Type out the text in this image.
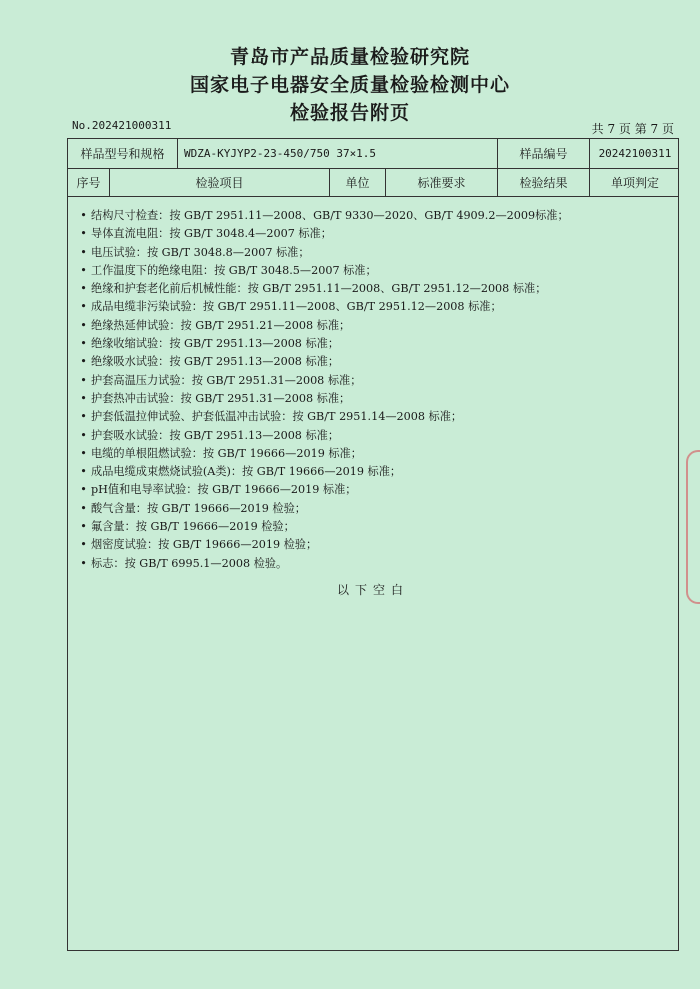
青岛市产品质量检验研究院
国家电子电器安全质量检验检测中心
检验报告附页
No.202421000311	共 7 页 第 7 页
样品型号和规格	WDZA-KYJYP2-23-450/750 37×1.5	样品编号	20242100311
序号	检验项目	单位	标准要求	检验结果	单项判定
• 结构尺寸检查：按 GB/T 2951.11—2008、GB/T 9330—2020、GB/T 4909.2—2009标准；
• 导体直流电阻：按 GB/T 3048.4—2007 标准；
• 电压试验：按 GB/T 3048.8—2007 标准；
• 工作温度下的绝缘电阻：按 GB/T 3048.5—2007 标准；
• 绝缘和护套老化前后机械性能：按 GB/T 2951.11—2008、GB/T 2951.12—2008 标准；
• 成品电缆非污染试验：按 GB/T 2951.11—2008、GB/T 2951.12—2008 标准；
• 绝缘热延伸试验：按 GB/T 2951.21—2008 标准；
• 绝缘收缩试验：按 GB/T 2951.13—2008 标准；
• 绝缘吸水试验：按 GB/T 2951.13—2008 标准；
• 护套高温压力试验：按 GB/T 2951.31—2008 标准；
• 护套热冲击试验：按 GB/T 2951.31—2008 标准；
• 护套低温拉伸试验、护套低温冲击试验：按 GB/T 2951.14—2008 标准；
• 护套吸水试验：按 GB/T 2951.13—2008 标准；
• 电缆的单根阻燃试验：按 GB/T 19666—2019 标准；
• 成品电缆成束燃烧试验(A类)：按 GB/T 19666—2019 标准；
• pH值和电导率试验：按 GB/T 19666—2019 标准；
• 酸气含量：按 GB/T 19666—2019 检验；
• 氟含量：按 GB/T 19666—2019 检验；
• 烟密度试验：按 GB/T 19666—2019 检验；
• 标志：按 GB/T 6995.1—2008 检验。
以下空白
